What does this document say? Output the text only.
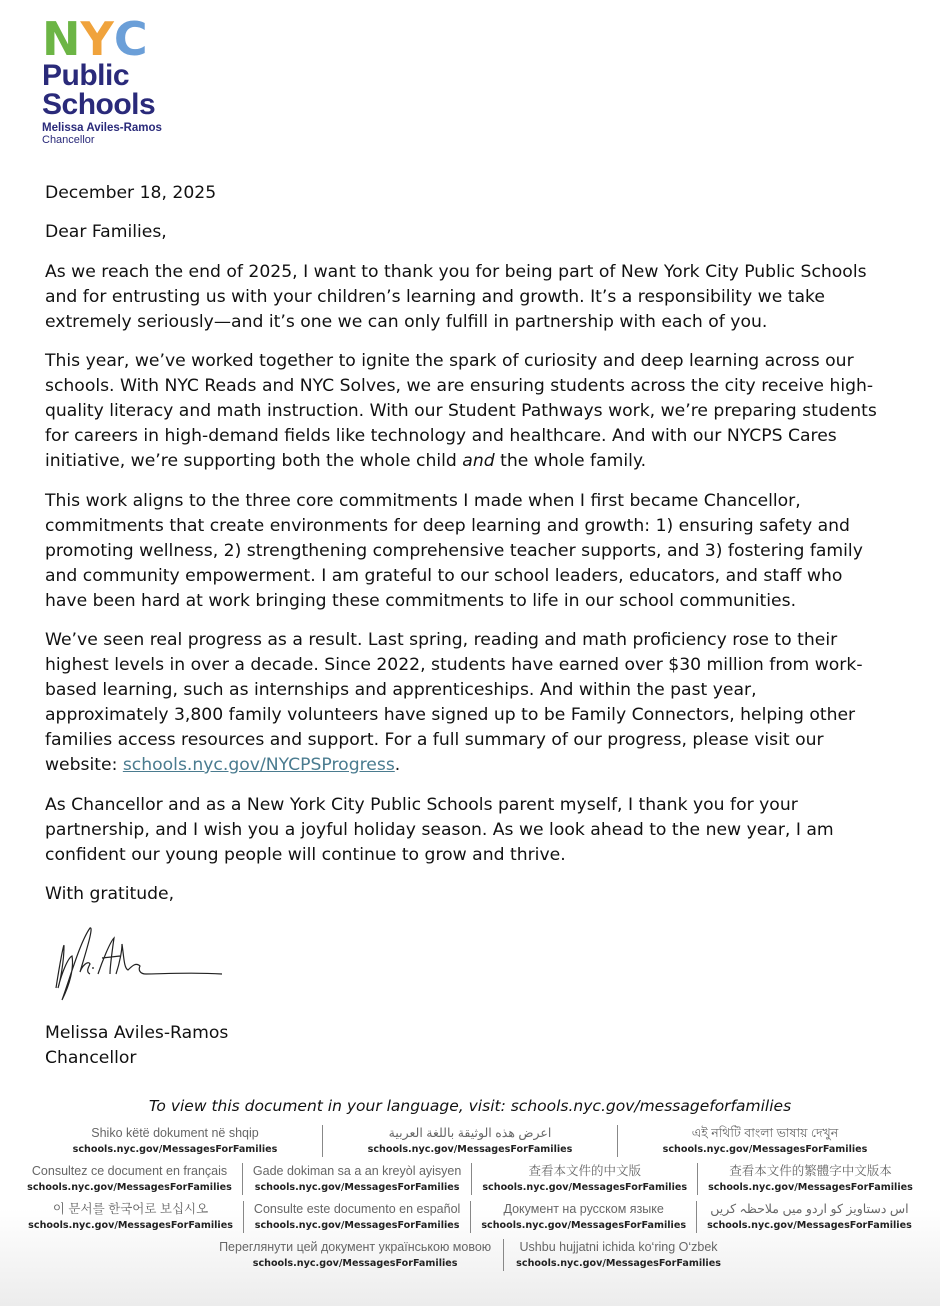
N Y C
Public
Schools
Melissa Aviles-Ramos
Chancellor

December 18, 2025

Dear Families,

As we reach the end of 2025, I want to thank you for being part of New York City Public Schools and for entrusting us with your children’s learning and growth. It’s a responsibility we take extremely seriously—and it’s one we can only fulfill in partnership with each of you.

This year, we’ve worked together to ignite the spark of curiosity and deep learning across our schools. With NYC Reads and NYC Solves, we are ensuring students across the city receive high-quality literacy and math instruction. With our Student Pathways work, we’re preparing students for careers in high-demand fields like technology and healthcare. And with our NYCPS Cares initiative, we’re supporting both the whole child and the whole family.

This work aligns to the three core commitments I made when I first became Chancellor, commitments that create environments for deep learning and growth: 1) ensuring safety and promoting wellness, 2) strengthening comprehensive teacher supports, and 3) fostering family and community empowerment. I am grateful to our school leaders, educators, and staff who have been hard at work bringing these commitments to life in our school communities.

We’ve seen real progress as a result. Last spring, reading and math proficiency rose to their highest levels in over a decade. Since 2022, students have earned over $30 million from work-based learning, such as internships and apprenticeships. And within the past year, approximately 3,800 family volunteers have signed up to be Family Connectors, helping other families access resources and support. For a full summary of our progress, please visit our website: schools.nyc.gov/NYCPSProgress.

As Chancellor and as a New York City Public Schools parent myself, I thank you for your partnership, and I wish you a joyful holiday season. As we look ahead to the new year, I am confident our young people will continue to grow and thrive.

With gratitude,

Melissa Aviles-Ramos
Chancellor
To view this document in your language, visit: schools.nyc.gov/messageforfamilies
Shiko këtë dokument në shqip
schools.nyc.gov/MessagesForFamilies
اعرض هذه الوثيقة باللغة العربية
schools.nyc.gov/MessagesForFamilies
এই নথিটি বাংলা ভাষায় দেখুন
schools.nyc.gov/MessagesForFamilies
Consultez ce document en français
schools.nyc.gov/MessagesForFamilies
Gade dokiman sa a an kreyòl ayisyen
schools.nyc.gov/MessagesForFamilies
查看本文件的中文版
schools.nyc.gov/MessagesForFamilies
查看本文件的繁體字中文版本
schools.nyc.gov/MessagesForFamilies
이 문서를 한국어로 보십시오
schools.nyc.gov/MessagesForFamilies
Consulte este documento en español
schools.nyc.gov/MessagesForFamilies
Документ на русском языке
schools.nyc.gov/MessagesForFamilies
اس دستاویز کو اردو میں ملاحظہ کریں
schools.nyc.gov/MessagesForFamilies
Переглянути цей документ українською мовою
schools.nyc.gov/MessagesForFamilies
Ushbu hujjatni ichida ko‘ring O‘zbek
schools.nyc.gov/MessagesForFamilies
